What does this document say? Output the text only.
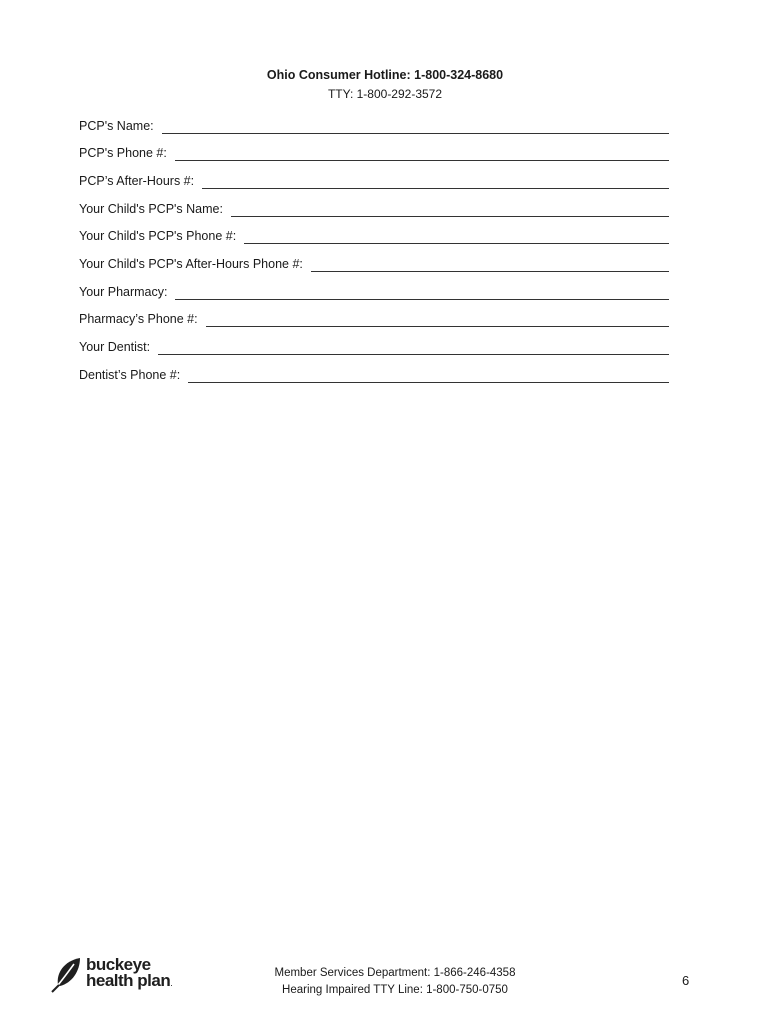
Ohio Consumer Hotline: 1-800-324-8680
TTY: 1-800-292-3572
PCP's Name:
PCP's Phone #:
PCP’s After-Hours #:
Your Child's PCP's Name:
Your Child's PCP's Phone #:
Your Child's PCP's After-Hours Phone #:
Your Pharmacy:
Pharmacy’s Phone #:
Your Dentist:
Dentist’s Phone #:
buckeye
health plan.
Member Services Department: 1-866-246-4358
Hearing Impaired TTY Line: 1-800-750-0750
6
